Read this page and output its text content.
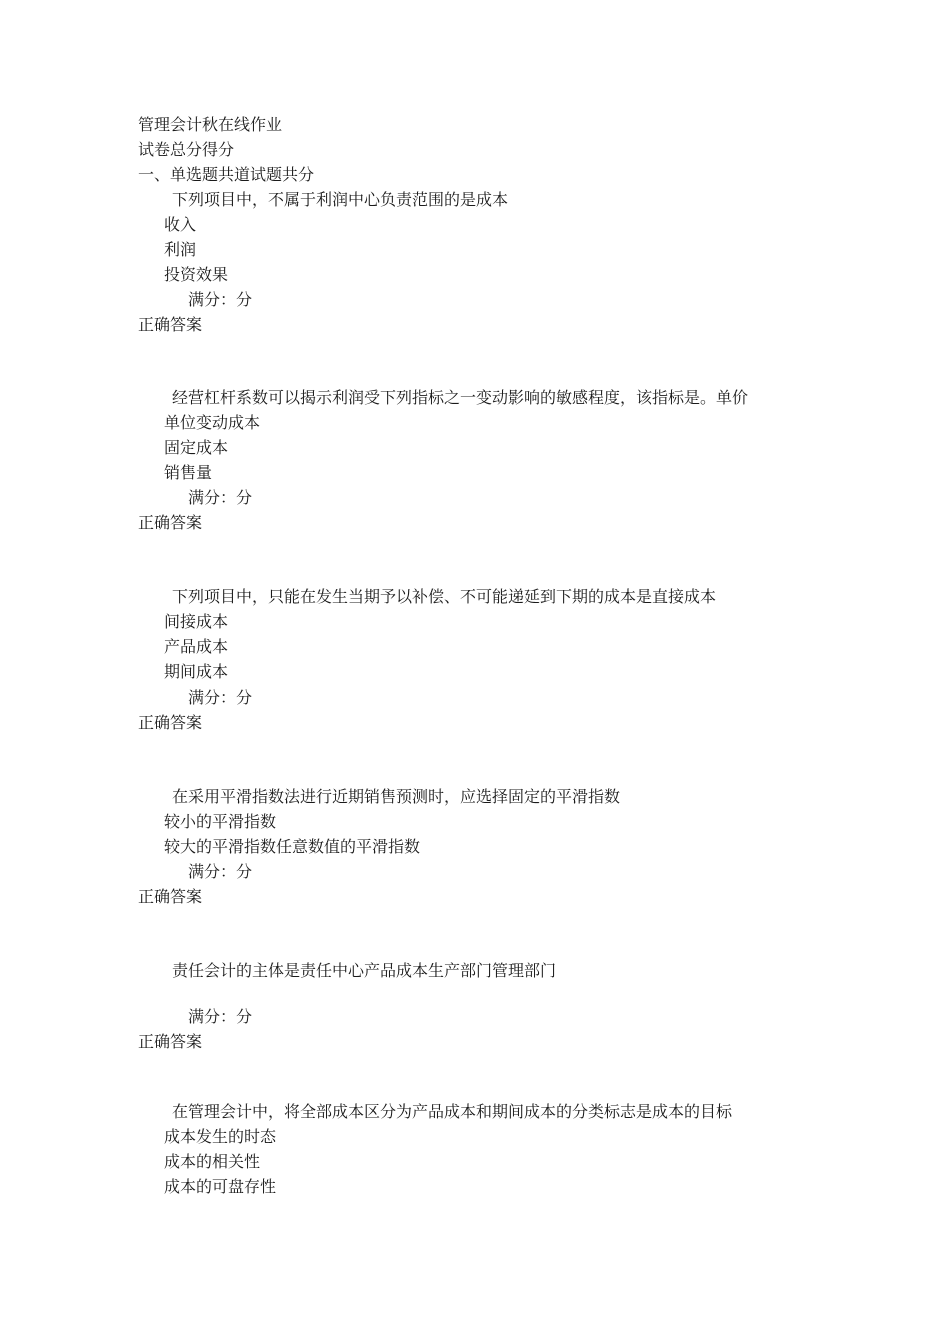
管理会计秋在线作业
试卷总分得分
一、单选题共道试题共分
下列项目中，不属于利润中心负责范围的是成本
收入
利润
投资效果
满分：分
正确答案
经营杠杆系数可以揭示利润受下列指标之一变动影响的敏感程度，该指标是。单价
单位变动成本
固定成本
销售量
满分：分
正确答案
下列项目中，只能在发生当期予以补偿、不可能递延到下期的成本是直接成本
间接成本
产品成本
期间成本
满分：分
正确答案
在采用平滑指数法进行近期销售预测时，应选择固定的平滑指数
较小的平滑指数
较大的平滑指数任意数值的平滑指数
满分：分
正确答案
责任会计的主体是责任中心产品成本生产部门管理部门
满分：分
正确答案
在管理会计中，将全部成本区分为产品成本和期间成本的分类标志是成本的目标
成本发生的时态
成本的相关性
成本的可盘存性
